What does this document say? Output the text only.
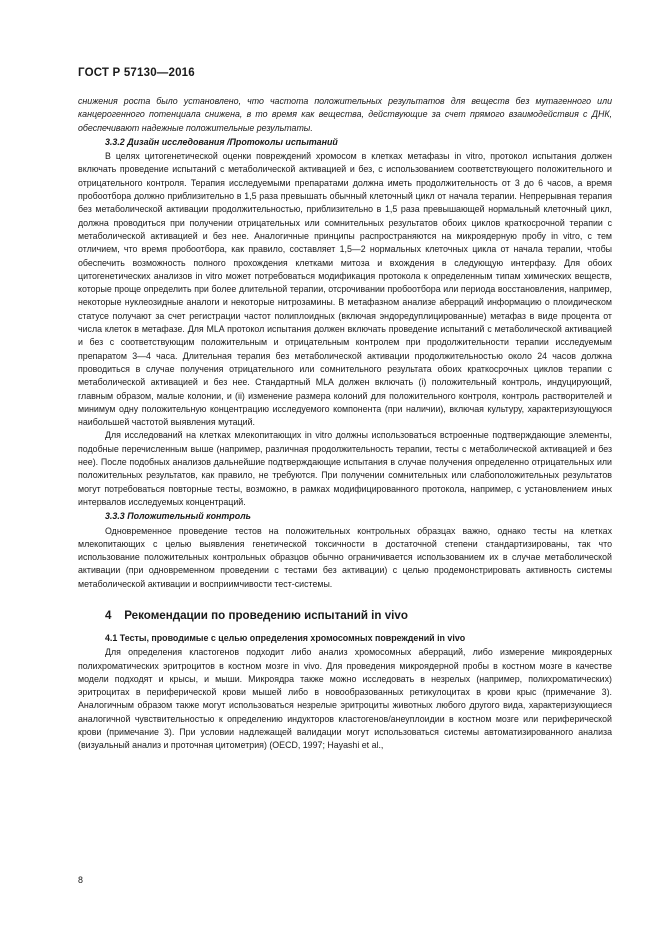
ГОСТ Р 57130—2016

снижения роста было установлено, что частота положительных результатов для веществ без мутагенного или канцерогенного потенциала снижена, в то время как вещества, действующие за счет прямого взаимодействия с ДНК, обеспечивают надежные положительные результаты.

3.3.2 Дизайн исследования /Протоколы испытаний

В целях цитогенетической оценки повреждений хромосом в клетках метафазы in vitro, протокол испытания должен включать проведение испытаний с метаболической активацией и без, с использованием соответствующего положительного и отрицательного контроля. Терапия исследуемыми препаратами должна иметь продолжительность от 3 до 6 часов, а время пробоотбора должно приблизительно в 1,5 раза превышать обычный клеточный цикл от начала терапии. Непрерывная терапия без метаболической активации продолжительностью, приблизительно в 1,5 раза превышающей нормальный клеточный цикл, должна проводиться при получении отрицательных или сомнительных результатов обоих циклов краткосрочной терапии с метаболической активацией и без нее. Аналогичные принципы распространяются на микроядерную пробу in vitro, с тем отличием, что время пробоотбора, как правило, составляет 1,5—2 нормальных клеточных цикла от начала терапии, чтобы обеспечить возможность полного прохождения клетками митоза и вхождения в следующую интерфазу. Для обоих цитогенетических анализов in vitro может потребоваться модификация протокола к определенным типам химических веществ, которые проще определить при более длительной терапии, отсрочивании пробоотбора или периода восстановления, например, некоторые нуклеозидные аналоги и некоторые нитрозамины. В метафазном анализе аберраций информацию о плоидическом статусе получают за счет регистрации частот полиплоидных (включая эндоредуплицированные) метафаз в виде процента от числа клеток в метафазе. Для MLA протокол испытания должен включать проведение испытаний с метаболической активацией и без с соответствующим положительным и отрицательным контролем при продолжительности терапии исследуемым препаратом 3—4 часа. Длительная терапия без метаболической активации продолжительностью около 24 часов должна проводиться в случае получения отрицательного или сомнительного результата обоих краткосрочных циклов терапии с метаболической активацией и без нее. Стандартный MLA должен включать (i) положительный контроль, индуцирующий, главным образом, малые колонии, и (ii) изменение размера колоний для положительного контроля, контроль растворителей и минимум одну положительную концентрацию исследуемого компонента (при наличии), включая культуру, характеризующуюся наибольшей частотой выявления мутаций.

Для исследований на клетках млекопитающих in vitro должны использоваться встроенные подтверждающие элементы, подобные перечисленным выше (например, различная продолжительность терапии, тесты с метаболической активацией и без нее). После подобных анализов дальнейшие подтверждающие испытания в случае получения определенно отрицательных или положительных результатов, как правило, не требуются. При получении сомнительных или слабоположительных результатов могут потребоваться повторные тесты, возможно, в рамках модифицированного протокола, например, с установлением иных интервалов исследуемых концентраций.

3.3.3 Положительный контроль

Одновременное проведение тестов на положительных контрольных образцах важно, однако тесты на клетках млекопитающих с целью выявления генетической токсичности в достаточной степени стандартизированы, так что использование положительных контрольных образцов обычно ограничивается использованием их в случае метаболической активации (при одновременном проведении с тестами без активации) с целью продемонстрировать активность системы метаболической активации и восприимчивости тест-системы.

4 Рекомендации по проведению испытаний in vivo

4.1 Тесты, проводимые с целью определения хромосомных повреждений in vivo

Для определения кластогенов подходит либо анализ хромосомных аберраций, либо измерение микроядерных полихроматических эритроцитов в костном мозге in vivo. Для проведения микроядерной пробы в костном мозге в качестве модели подходят и крысы, и мыши. Микроядра также можно исследовать в незрелых (например, полихроматических) эритроцитах в периферической крови мышей либо в новообразованных ретикулоцитах в крови крыс (примечание 3). Аналогичным образом также могут использоваться незрелые эритроциты животных любого другого вида, характеризующиеся аналогичной чувствительностью к определению индукторов кластогенов/анеуплоидии в костном мозге или периферической крови (примечание 3). При условии надлежащей валидации могут использоваться системы автоматизированного анализа (визуальный анализ и проточная цитометрия) (OECD, 1997; Hayashi et al.,

8
